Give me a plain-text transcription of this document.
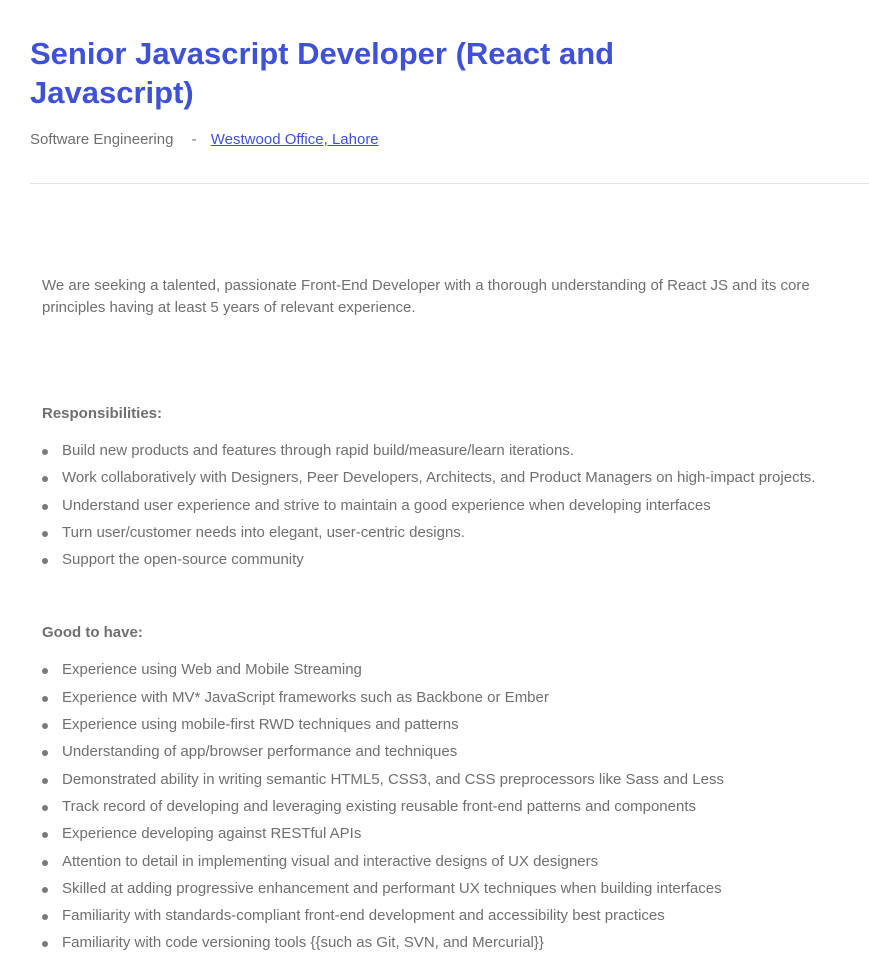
Senior Javascript Developer (React and Javascript)
Software Engineering - Westwood Office, Lahore

We are seeking a talented, passionate Front-End Developer with a thorough understanding of React JS and its core principles having at least 5 years of relevant experience.

Responsibilities:

Build new products and features through rapid build/measure/learn iterations.
Work collaboratively with Designers, Peer Developers, Architects, and Product Managers on high-impact projects.
Understand user experience and strive to maintain a good experience when developing interfaces
Turn user/customer needs into elegant, user-centric designs.
Support the open-source community

Good to have:

Experience using Web and Mobile Streaming
Experience with MV* JavaScript frameworks such as Backbone or Ember
Experience using mobile-first RWD techniques and patterns
Understanding of app/browser performance and techniques
Demonstrated ability in writing semantic HTML5, CSS3, and CSS preprocessors like Sass and Less
Track record of developing and leveraging existing reusable front-end patterns and components
Experience developing against RESTful APIs
Attention to detail in implementing visual and interactive designs of UX designers
Skilled at adding progressive enhancement and performant UX techniques when building interfaces
Familiarity with standards-compliant front-end development and accessibility best practices
Familiarity with code versioning tools {{such as Git, SVN, and Mercurial}}
